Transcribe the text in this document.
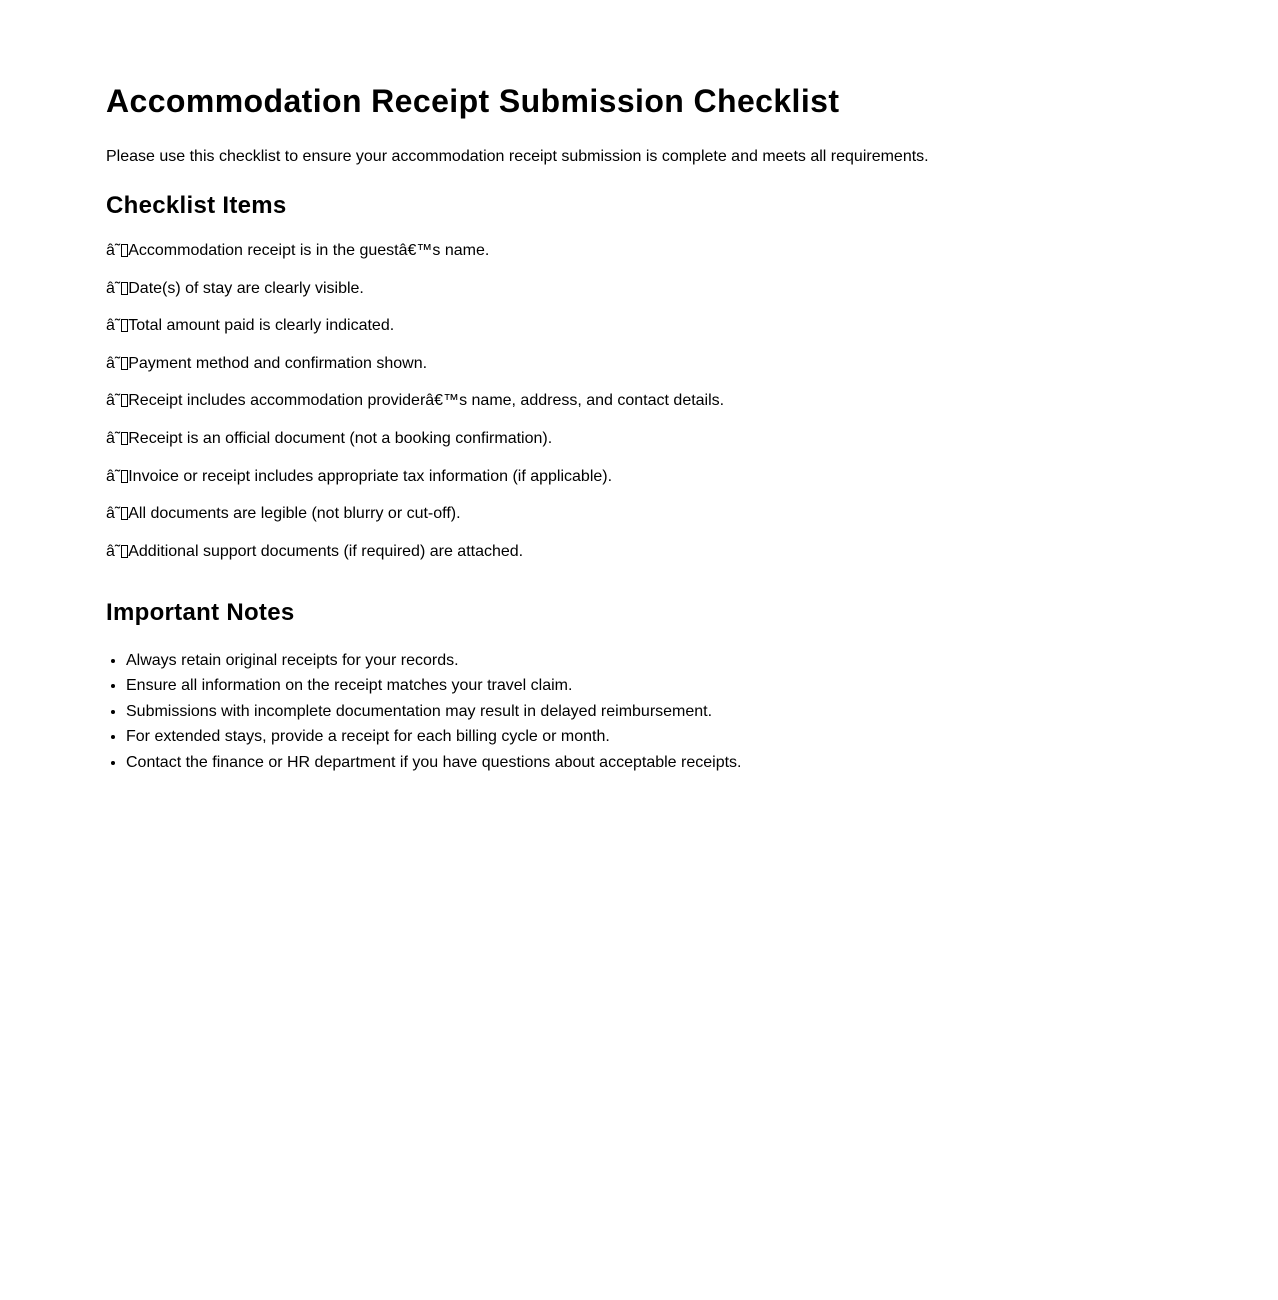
Accommodation Receipt Submission Checklist

Please use this checklist to ensure your accommodation receipt submission is complete and meets all requirements.

Checklist Items
â˜ Accommodation receipt is in the guestâ€™s name.
â˜ Date(s) of stay are clearly visible.
â˜ Total amount paid is clearly indicated.
â˜ Payment method and confirmation shown.
â˜ Receipt includes accommodation providerâ€™s name, address, and contact details.
â˜ Receipt is an official document (not a booking confirmation).
â˜ Invoice or receipt includes appropriate tax information (if applicable).
â˜ All documents are legible (not blurry or cut-off).
â˜ Additional support documents (if required) are attached.
Important Notes
• Always retain original receipts for your records.
• Ensure all information on the receipt matches your travel claim.
• Submissions with incomplete documentation may result in delayed reimbursement.
• For extended stays, provide a receipt for each billing cycle or month.
• Contact the finance or HR department if you have questions about acceptable receipts.
